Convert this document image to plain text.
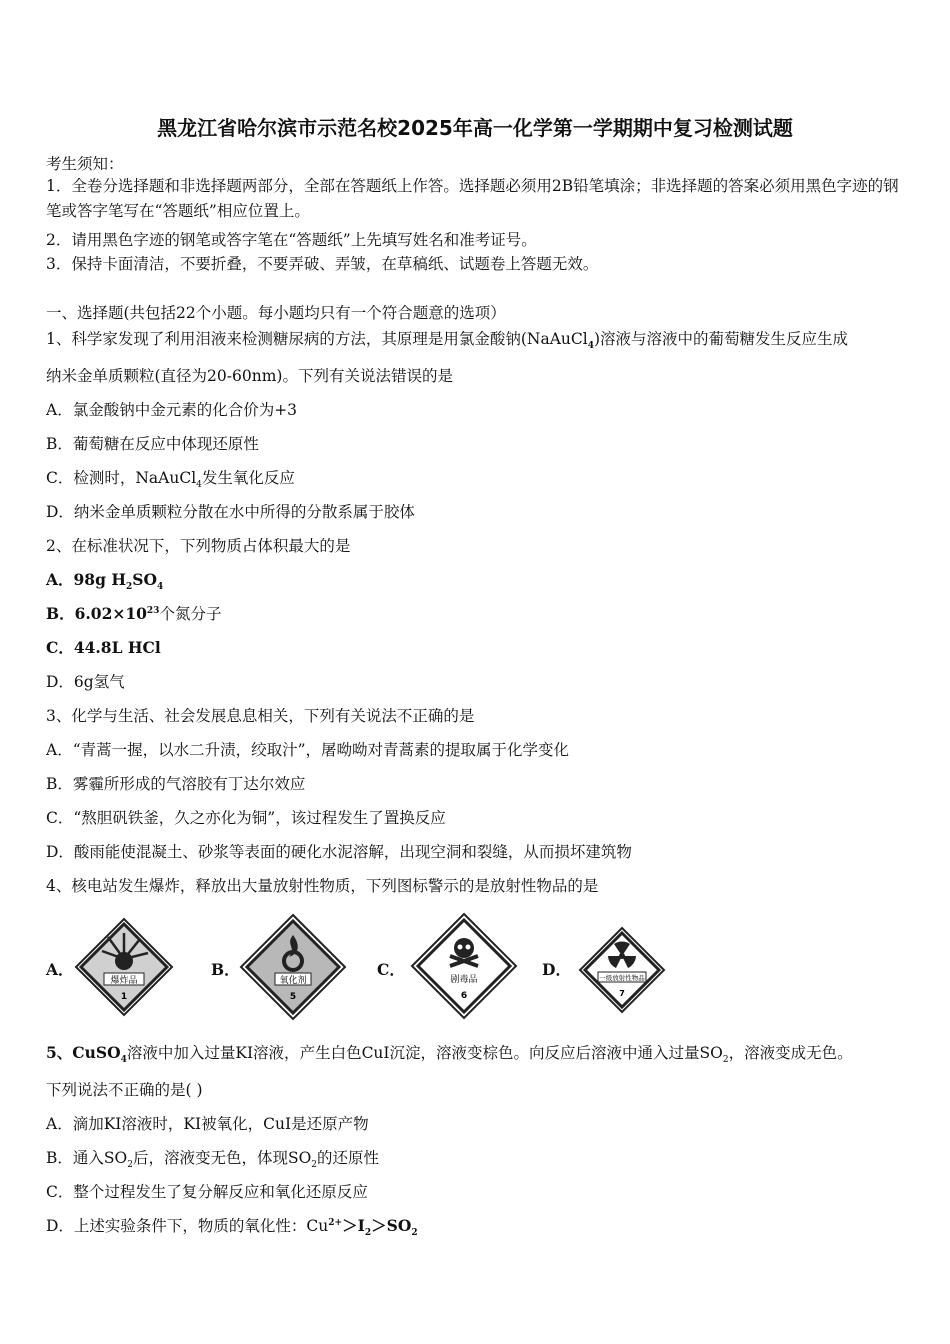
黑龙江省哈尔滨市示范名校2025年高一化学第一学期期中复习检测试题
考生须知：
1．全卷分选择题和非选择题两部分，全部在答题纸上作答。选择题必须用2B铅笔填涂；非选择题的答案必须用黑色字迹的钢笔或答字笔写在“答题纸”相应位置上。
2．请用黑色字迹的钢笔或答字笔在“答题纸”上先填写姓名和准考证号。
3．保持卡面清洁，不要折叠，不要弄破、弄皱，在草稿纸、试题卷上答题无效。
一、选择题(共包括22个小题。每小题均只有一个符合题意的选项）
1、科学家发现了利用泪液来检测糖尿病的方法，其原理是用氯金酸钠(NaAuCl$_4$)溶液与溶液中的葡萄糖发生反应生成
纳米金单质颗粒(直径为20-60nm)。下列有关说法错误的是
A．氯金酸钠中金元素的化合价为+3
B．葡萄糖在反应中体现还原性
C．检测时，NaAuCl$_4$发生氧化反应
D．纳米金单质颗粒分散在水中所得的分散系属于胶体
2、在标准状况下，下列物质占体积最大的是
A．98g $H_2SO_4$
B．$6.02\times 10^{23}$个氮分子
C．44.8L HCl
D．6g氢气
3、化学与生活、社会发展息息相关，下列有关说法不正确的是
A．“青蒿一握，以水二升渍，绞取汁”，屠呦呦对青蒿素的提取属于化学变化
B．雾霾所形成的气溶胶有丁达尔效应
C．“熬胆矾铁釜，久之亦化为铜”，该过程发生了置换反应
D．酸雨能使混凝土、砂浆等表面的硬化水泥溶解，出现空洞和裂缝，从而损坏建筑物
4、核电站发生爆炸，释放出大量放射性物质，下列图标警示的是放射性物品的是
A．
爆炸品
1
B．
氧化剂
5
C．
剧毒品
6
D．	一级放射性物品
7
5、CuSO$_4$溶液中加入过量KI溶液，产生白色CuI沉淀，溶液变棕色。向反应后溶液中通入过量$SO_2$，溶液变成无色。
下列说法不正确的是( )
A．滴加KI溶液时，KI被氧化，CuI是还原产物
B．通入$SO_2$后，溶液变无色，体现$SO_2$的还原性
C．整个过程发生了复分解反应和氧化还原反应
D．上述实验条件下，物质的氧化性：$Cu^{2+}>I_2>SO_2$
